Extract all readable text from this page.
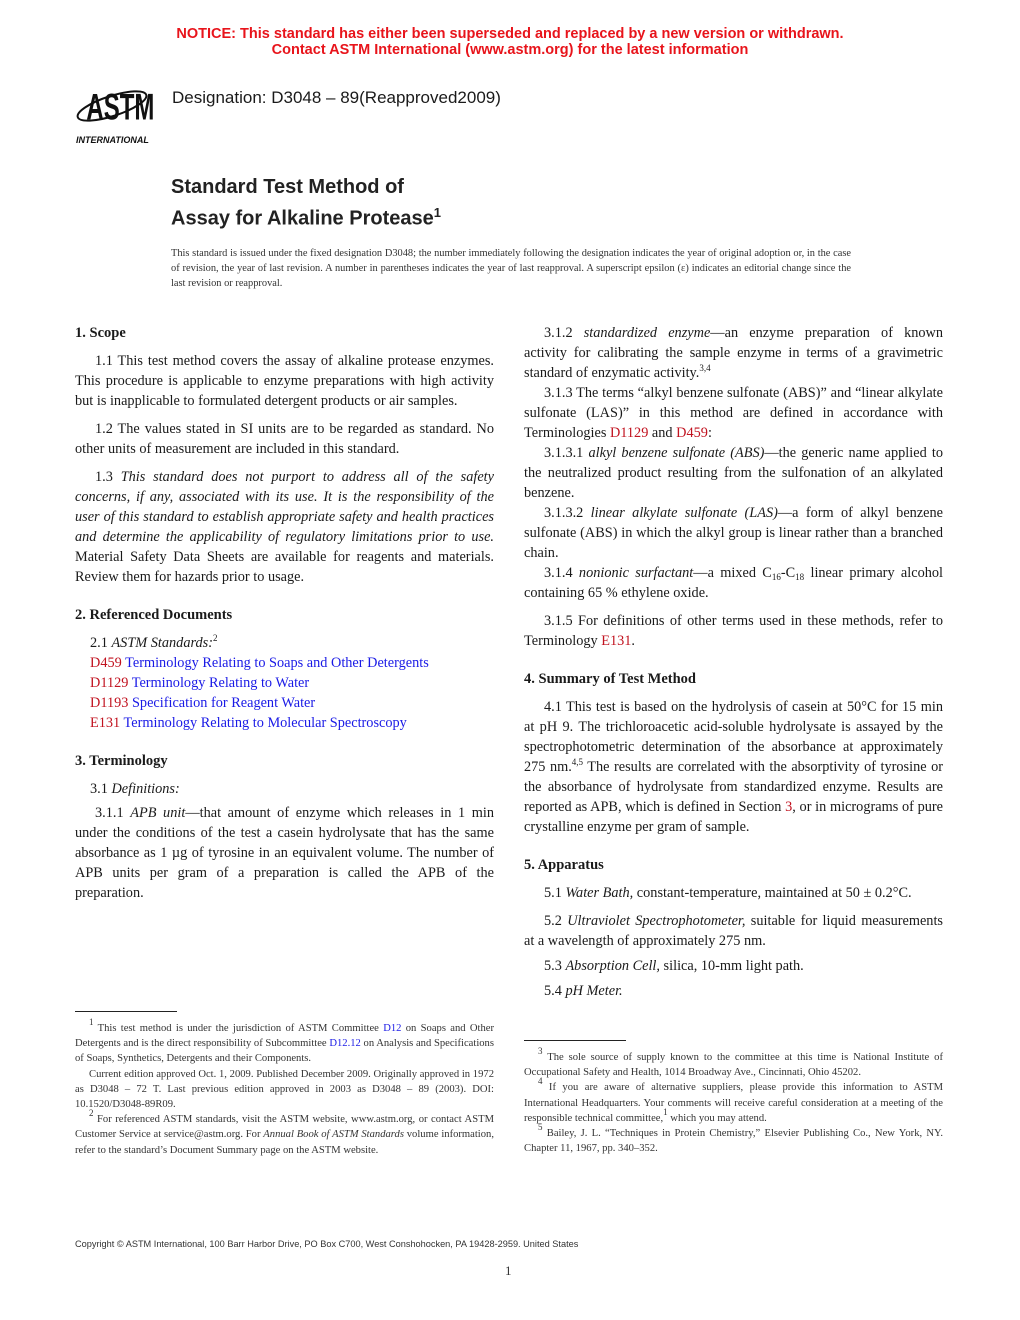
NOTICE: This standard has either been superseded and replaced by a new version or withdrawn.
Contact ASTM International (www.astm.org) for the latest information
ASTM
INTERNATIONAL
Designation: D3048 – 89(Reapproved2009)
Standard Test Method of
Assay for Alkaline Protease$^1$
This standard is issued under the fixed designation D3048; the number immediately following the designation indicates the year of original adoption or, in the case of revision, the year of last revision. A number in parentheses indicates the year of last reapproval. A superscript epsilon (ε) indicates an editorial change since the last revision or reapproval.
1. Scope

1.1 This test method covers the assay of alkaline protease enzymes. This procedure is applicable to enzyme preparations with high activity but is inapplicable to formulated detergent products or air samples.

1.2 The values stated in SI units are to be regarded as standard. No other units of measurement are included in this standard.

1.3 This standard does not purport to address all of the safety concerns, if any, associated with its use. It is the responsibility of the user of this standard to establish appropriate safety and health practices and determine the applicability of regulatory limitations prior to use. Material Safety Data Sheets are available for reagents and materials. Review them for hazards prior to usage.

2. Referenced Documents

2.1 ASTM Standards:$^2$

D459 Terminology Relating to Soaps and Other Detergents

D1129 Terminology Relating to Water

D1193 Specification for Reagent Water

E131 Terminology Relating to Molecular Spectroscopy

3. Terminology

3.1 Definitions:

3.1.1 APB unit—that amount of enzyme which releases in 1 min under the conditions of the test a casein hydrolysate that has the same absorbance as 1 µg of tyrosine in an equivalent volume. The number of APB units per gram of a preparation is called the APB of the preparation.

$^1$ This test method is under the jurisdiction of ASTM Committee D12 on Soaps and Other Detergents and is the direct responsibility of Subcommittee D12.12 on Analysis and Specifications of Soaps, Synthetics, Detergents and their Components.

Current edition approved Oct. 1, 2009. Published December 2009. Originally approved in 1972 as D3048 – 72 T. Last previous edition approved in 2003 as D3048 – 89 (2003). DOI: 10.1520/D3048-89R09.

$^2$ For referenced ASTM standards, visit the ASTM website, www.astm.org, or contact ASTM Customer Service at service@astm.org. For Annual Book of ASTM Standards volume information, refer to the standard’s Document Summary page on the ASTM website.

3.1.2 standardized enzyme—an enzyme preparation of known activity for calibrating the sample enzyme in terms of a gravimetric standard of enzymatic activity.$^{3,4}$

3.1.3 The terms “alkyl benzene sulfonate (ABS)” and “linear alkylate sulfonate (LAS)” in this method are defined in accordance with Terminologies D1129 and D459:

3.1.3.1 alkyl benzene sulfonate (ABS)—the generic name applied to the neutralized product resulting from the sulfonation of an alkylated benzene.

3.1.3.2 linear alkylate sulfonate (LAS)—a form of alkyl benzene sulfonate (ABS) in which the alkyl group is linear rather than a branched chain.

3.1.4 nonionic surfactant—a mixed $C_{16}-C_{18}$ linear primary alcohol containing 65 % ethylene oxide.

3.1.5 For definitions of other terms used in these methods, refer to Terminology E131.

4. Summary of Test Method

4.1 This test is based on the hydrolysis of casein at 50°C for 15 min at pH 9. The trichloroacetic acid-soluble hydrolysate is assayed by the spectrophotometric determination of the absorbance at approximately 275 nm.$^{4,5}$ The results are correlated with the absorptivity of tyrosine or the absorbance of hydrolysate from standardized enzyme. Results are reported as APB, which is defined in Section 3, or in micrograms of pure crystalline enzyme per gram of sample.

5. Apparatus

5.1 Water Bath, constant-temperature, maintained at 50 ± 0.2°C.

5.2 Ultraviolet Spectrophotometer, suitable for liquid measurements at a wavelength of approximately 275 nm.

5.3 Absorption Cell, silica, 10-mm light path.

5.4 pH Meter.

$^3$ The sole source of supply known to the committee at this time is National Institute of Occupational Safety and Health, 1014 Broadway Ave., Cincinnati, Ohio 45202.

$^4$ If you are aware of alternative suppliers, please provide this information to ASTM International Headquarters. Your comments will receive careful consideration at a meeting of the responsible technical committee,$^1$ which you may attend.

$^5$ Bailey, J. L. “Techniques in Protein Chemistry,” Elsevier Publishing Co., New York, NY. Chapter 11, 1967, pp. 340–352.

Copyright © ASTM International, 100 Barr Harbor Drive, PO Box C700, West Conshohocken, PA 19428-2959. United States
1
